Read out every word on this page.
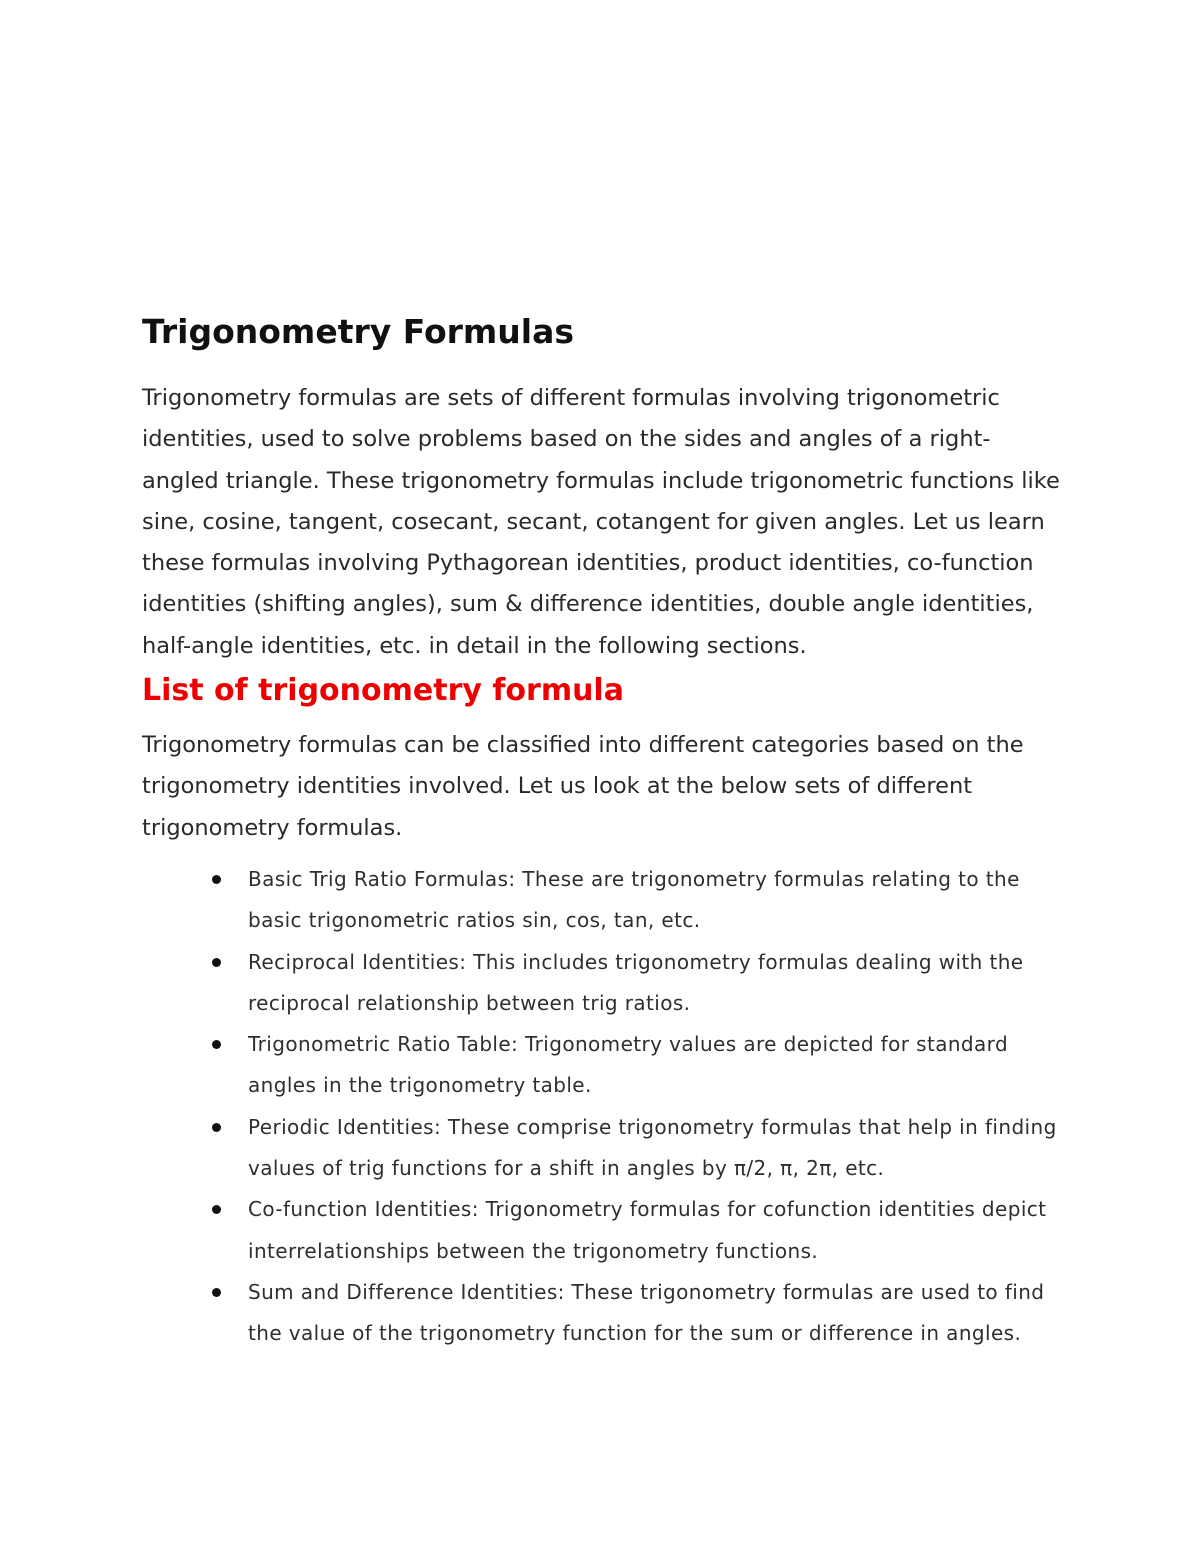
Trigonometry Formulas

Trigonometry formulas are sets of different formulas involving trigonometric identities, used to solve problems based on the sides and angles of a right-angled triangle. These trigonometry formulas include trigonometric functions like sine, cosine, tangent, cosecant, secant, cotangent for given angles. Let us learn these formulas involving Pythagorean identities, product identities, co-function identities (shifting angles), sum & difference identities, double angle identities, half-angle identities, etc. in detail in the following sections.

List of trigonometry formula

Trigonometry formulas can be classified into different categories based on the trigonometry identities involved. Let us look at the below sets of different trigonometry formulas.

Basic Trig Ratio Formulas: These are trigonometry formulas relating to the basic trigonometric ratios sin, cos, tan, etc.
Reciprocal Identities: This includes trigonometry formulas dealing with the reciprocal relationship between trig ratios.
Trigonometric Ratio Table: Trigonometry values are depicted for standard angles in the trigonometry table.
Periodic Identities: These comprise trigonometry formulas that help in finding values of trig functions for a shift in angles by π/2, π, 2π, etc.
Co-function Identities: Trigonometry formulas for cofunction identities depict interrelationships between the trigonometry functions.
Sum and Difference Identities: These trigonometry formulas are used to find the value of the trigonometry function for the sum or difference in angles.
